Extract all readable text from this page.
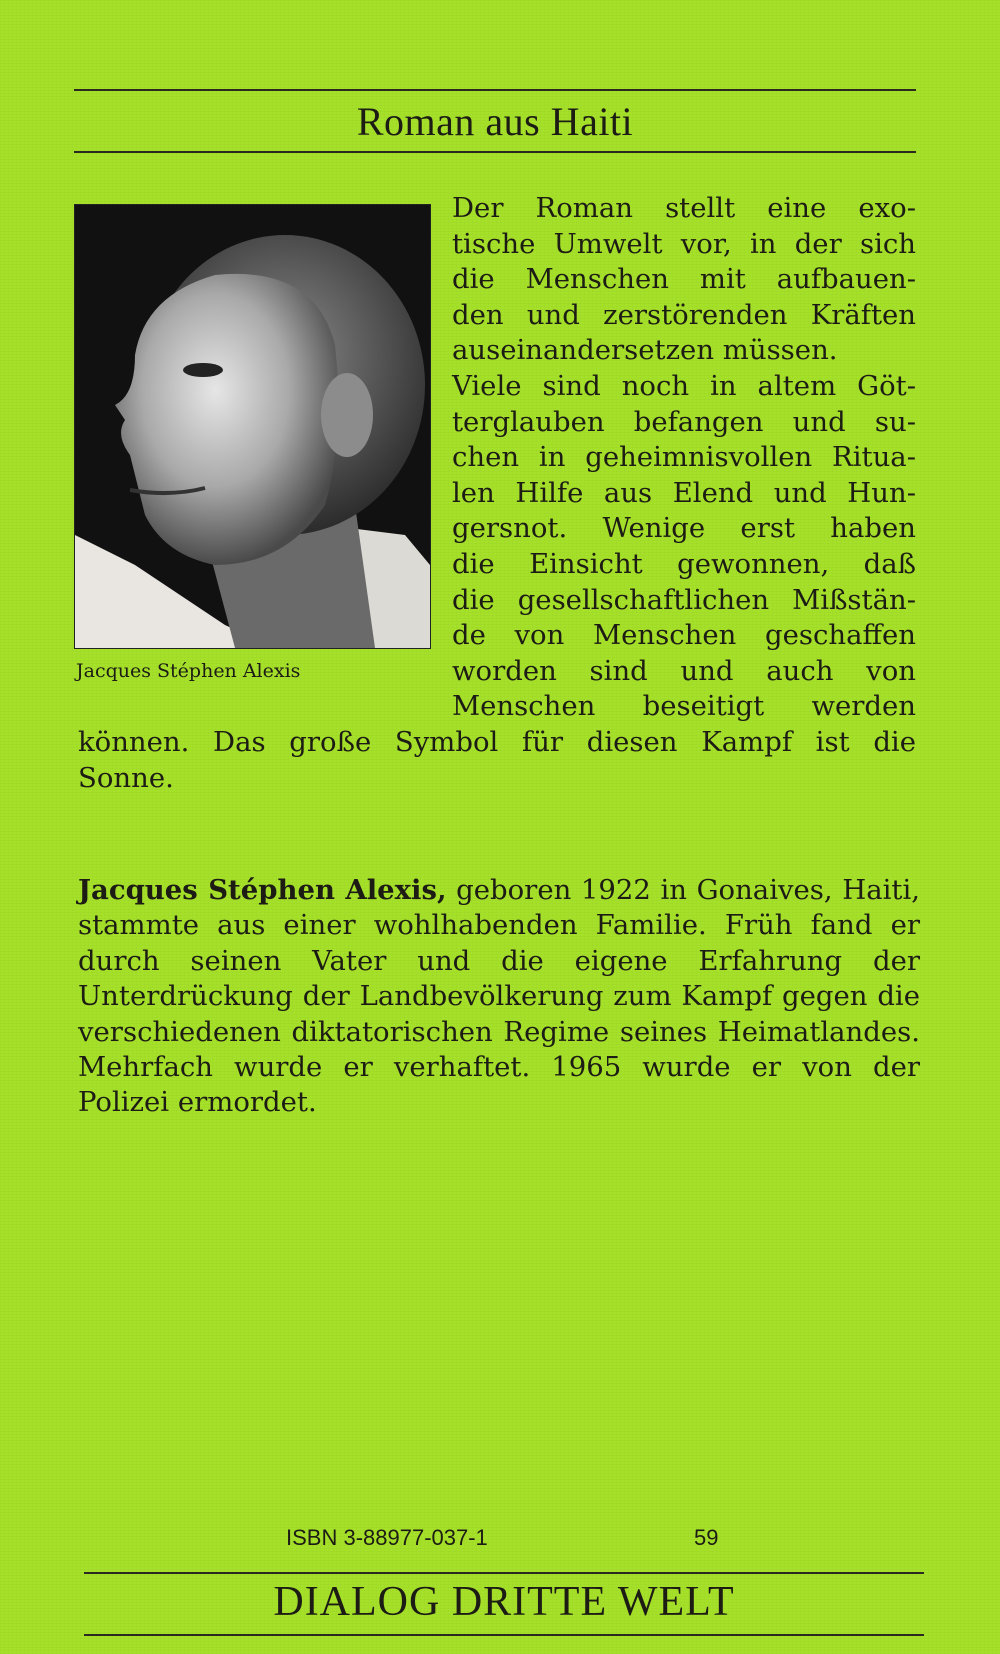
Roman aus Haiti
Jacques Stéphen Alexis
Der Roman stellt eine exo-
tische Umwelt vor, in der sich
die Menschen mit aufbauen-
den und zerstörenden Kräften
auseinandersetzen müssen.
Viele sind noch in altem Göt-
terglauben befangen und su-
chen in geheimnisvollen Ritua-
len Hilfe aus Elend und Hun-
gersnot. Wenige erst haben
die Einsicht gewonnen, daß
die gesellschaftlichen Mißstän-
de von Menschen geschaffen
worden sind und auch von
Menschen beseitigt werden
können. Das große Symbol für diesen Kampf ist die
Sonne.
Jacques Stéphen Alexis, geboren 1922 in Gonaives, Haiti, stammte aus einer wohlhabenden Familie. Früh fand er durch seinen Vater und die eigene Erfahrung der Unterdrückung der Landbevölkerung zum Kampf gegen die verschiedenen diktatorischen Regime seines Heimatlandes. Mehrfach wurde er verhaftet. 1965 wurde er von der Polizei ermordet.
ISBN 3-88977-037-1	59
DIALOG DRITTE WELT
